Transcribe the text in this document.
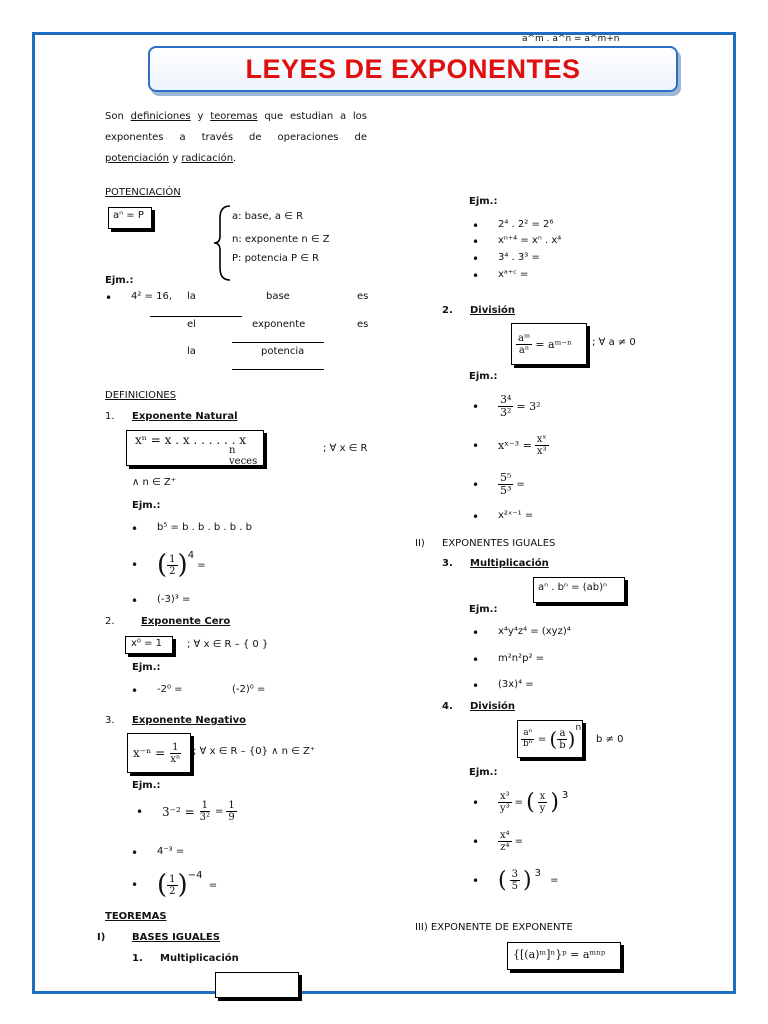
a^m . a^n = a^m+n
LEYES DE EXPONENTES
Son definiciones y teoremas que estudian a los exponentes a través de operaciones de potenciación y radicación.
POTENCIACIÓN
aⁿ = P	a: base, a ∈ R
n: exponente n ∈ Z
P: potencia P ∈ R
Ejm.:
• 4² = 16, la	base	es
el	exponente	es
la	potencia
DEFINICIONES
1. Exponente Natural
xⁿ = x . x . . . . . . x
n veces
; ∀ x ∈ R
∧ n ∈ Z⁺
Ejm.:
• b⁵ = b . b . b . b . b
• ( $\frac{1}{2}$ ) 4

=
• (-3)³ =
2.	Exponente Cero
x⁰ = 1	; ∀ x ∈ R – { 0 }
Ejm.:
• -2⁰ =	(-2)⁰ =
3. Exponente Negativo
x⁻ⁿ =
$\frac{1}{\text{xⁿ}}$ ; ∀ x ∈ R – {0} ∧ n ∈ Z⁺
Ejm.:
• $3^{-2} = \frac{1}{\text{3²}} = \frac{1}{9}$
• 4⁻³ =
• ( $\frac{1}{2}$ ) −4

=
TEOREMAS
I)	BASES IGUALES
1. Multiplicación
Ejm.:
• 2⁴ . 2² = 2⁶
• xⁿ⁺⁴ = xⁿ . x⁴
• 3⁴ . 3³ =
• xᵃ⁺ᶜ =
2. División
$\frac{\text{aᵐ}}{\text{aⁿ}}$
= aᵐ⁻ⁿ ; ∀ a ≠ 0
Ejm.:
• $\frac{\text{3⁴}}{\text{3²}} = 3^2$
• xˣ⁻³ = $\frac{\text{xˣ}}{\text{x³}}$
• $\frac{\text{5⁵}}{\text{5³}}$ =
• x²ˣ⁻¹ =
II) EXPONENTES IGUALES
3. Multiplicación
aⁿ . bⁿ = (ab)ⁿ
Ejm.:
• x⁴y⁴z⁴ = (xyz)⁴
• m²n²p² =
• (3x)⁴ =
4. División
$\frac{\text{aⁿ}}{\text{bⁿ}}$
=
( $\frac{a}{b}$ ) n
b ≠ 0
Ejm.:
• $\frac{\text{x³}}{\text{y³}}$ = ( $\frac{x}{y}$ ) 3
• $\frac{\text{x⁴}}{\text{z⁴}}$ =
• ( $\frac{3}{5}$ ) 3

=
III) EXPONENTE DE EXPONENTE
{[(a)ᵐ]ⁿ}ᵖ = aᵐⁿᵖ
